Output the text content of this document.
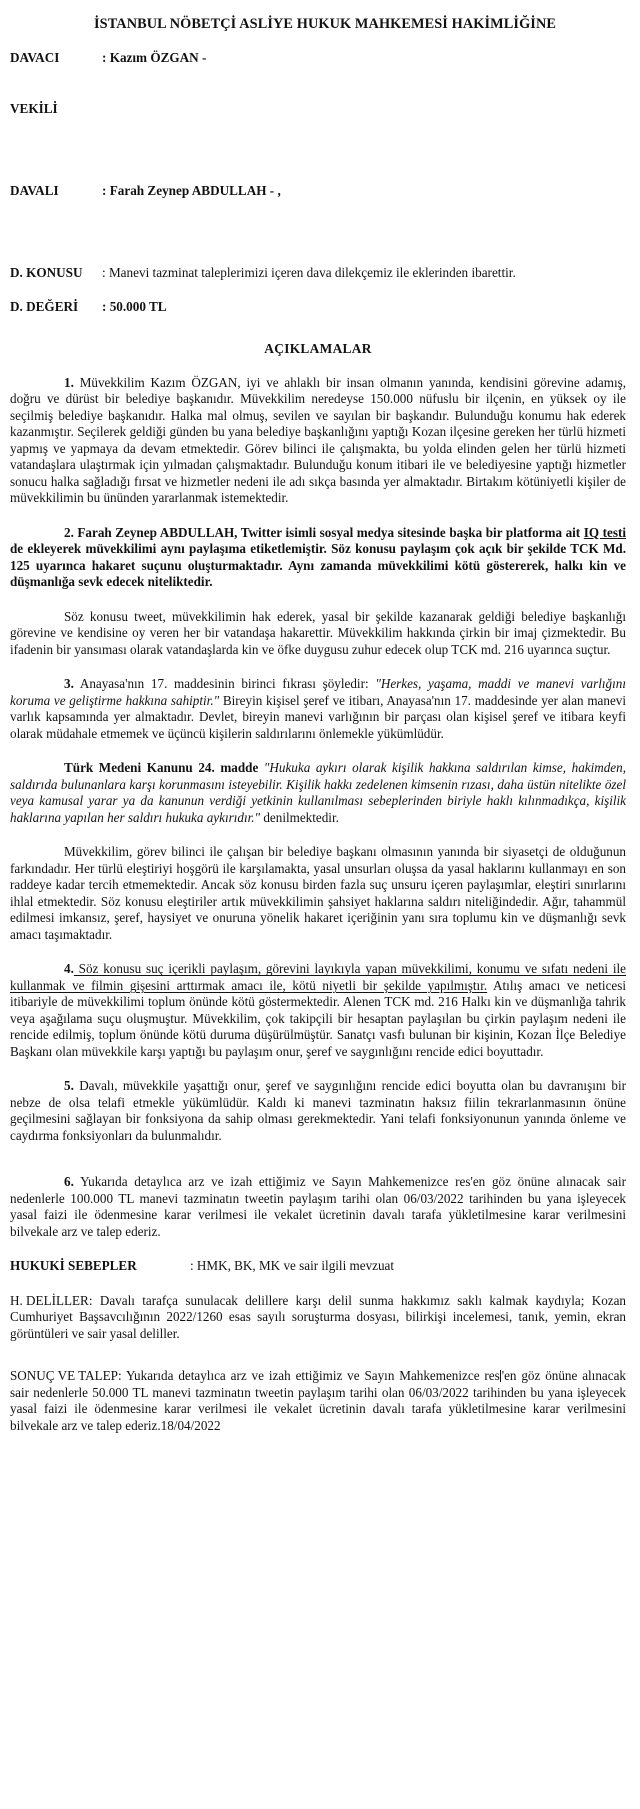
İSTANBUL NÖBETÇİ ASLİYE HUKUK MAHKEMESİ HAKİMLİĞİNE
DAVACI	: Kazım ÖZGAN -
VEKİLİ
DAVALI	: Farah Zeynep ABDULLAH - ,
D. KONUSU	: Manevi tazminat taleplerimizi içeren dava dilekçemiz ile eklerinden ibarettir.
D. DEĞERİ	: 50.000 TL
AÇIKLAMALAR

1. Müvekkilim Kazım ÖZGAN, iyi ve ahlaklı bir insan olmanın yanında, kendisini görevine adamış, doğru ve dürüst bir belediye başkanıdır. Müvekkilim neredeyse 150.000 nüfuslu bir ilçenin, en yüksek oy ile seçilmiş belediye başkanıdır. Halka mal olmuş, sevilen ve sayılan bir başkandır. Bulunduğu konumu hak ederek kazanmıştır. Seçilerek geldiği günden bu yana belediye başkanlığını yaptığı Kozan ilçesine gereken her türlü hizmeti yapmış ve yapmaya da devam etmektedir. Görev bilinci ile çalışmakta, bu yolda elinden gelen her türlü hizmeti vatandaşlara ulaştırmak için yılmadan çalışmaktadır. Bulunduğu konum itibari ile ve belediyesine yaptığı hizmetler sonucu halka sağladığı fırsat ve hizmetler nedeni ile adı sıkça basında yer almaktadır. Birtakım kötüniyetli kişiler de müvekkilimin bu ününden yararlanmak istemektedir.

2. Farah Zeynep ABDULLAH, Twitter isimli sosyal medya sitesinde başka bir platforma ait IQ testi de ekleyerek müvekkilimi aynı paylaşıma etiketlemiştir. Söz konusu paylaşım çok açık bir şekilde TCK Md. 125 uyarınca hakaret suçunu oluşturmaktadır. Aynı zamanda müvekkilimi kötü göstererek, halkı kin ve düşmanlığa sevk edecek niteliktedir.

Söz konusu tweet, müvekkilimin hak ederek, yasal bir şekilde kazanarak geldiği belediye başkanlığı görevine ve kendisine oy veren her bir vatandaşa hakarettir. Müvekkilim hakkında çirkin bir imaj çizmektedir. Bu ifadenin bir yansıması olarak vatandaşlarda kin ve öfke duygusu zuhur edecek olup TCK md. 216 uyarınca suçtur.

3. Anayasa'nın 17. maddesinin birinci fıkrası şöyledir: "Herkes, yaşama, maddi ve manevi varlığını koruma ve geliştirme hakkına sahiptir." Bireyin kişisel şeref ve itibarı, Anayasa'nın 17. maddesinde yer alan manevi varlık kapsamında yer almaktadır. Devlet, bireyin manevi varlığının bir parçası olan kişisel şeref ve itibara keyfi olarak müdahale etmemek ve üçüncü kişilerin saldırılarını önlemekle yükümlüdür.

Türk Medeni Kanunu 24. madde "Hukuka aykırı olarak kişilik hakkına saldırılan kimse, hakimden, saldırıda bulunanlara karşı korunmasını isteyebilir. Kişilik hakkı zedelenen kimsenin rızası, daha üstün nitelikte özel veya kamusal yarar ya da kanunun verdiği yetkinin kullanılması sebeplerinden biriyle haklı kılınmadıkça, kişilik haklarına yapılan her saldırı hukuka aykırıdır." denilmektedir.

Müvekkilim, görev bilinci ile çalışan bir belediye başkanı olmasının yanında bir siyasetçi de olduğunun farkındadır. Her türlü eleştiriyi hoşgörü ile karşılamakta, yasal unsurları oluşsa da yasal haklarını kullanmayı en son raddeye kadar tercih etmemektedir. Ancak söz konusu birden fazla suç unsuru içeren paylaşımlar, eleştiri sınırlarını ihlal etmektedir. Söz konusu eleştiriler artık müvekkilimin şahsiyet haklarına saldırı niteliğindedir. Ağır, tahammül edilmesi imkansız, şeref, haysiyet ve onuruna yönelik hakaret içeriğinin yanı sıra toplumu kin ve düşmanlığı sevk amacı taşımaktadır.

4. Söz konusu suç içerikli paylaşım, görevini layıkıyla yapan müvekkilimi, konumu ve sıfatı nedeni ile kullanmak ve filmin gişesini arttırmak amacı ile, kötü niyetli bir şekilde yapılmıştır. Atılış amacı ve neticesi itibariyle de müvekkilimi toplum önünde kötü göstermektedir. Alenen TCK md. 216 Halkı kin ve düşmanlığa tahrik veya aşağılama suçu oluşmuştur. Müvekkilim, çok takipçili bir hesaptan paylaşılan bu çirkin paylaşım nedeni ile rencide edilmiş, toplum önünde kötü duruma düşürülmüştür. Sanatçı vasfı bulunan bir kişinin, Kozan İlçe Belediye Başkanı olan müvekkile karşı yaptığı bu paylaşım onur, şeref ve saygınlığını rencide edici boyuttadır.

5. Davalı, müvekkile yaşattığı onur, şeref ve saygınlığını rencide edici boyutta olan bu davranışını bir nebze de olsa telafi etmekle yükümlüdür. Kaldı ki manevi tazminatın haksız fiilin tekrarlanmasının önüne geçilmesini sağlayan bir fonksiyona da sahip olması gerekmektedir. Yani telafi fonksiyonunun yanında önleme ve caydırma fonksiyonları da bulunmalıdır.

6. Yukarıda detaylıca arz ve izah ettiğimiz ve Sayın Mahkemenizce res'en göz önüne alınacak sair nedenlerle 100.000 TL manevi tazminatın tweetin paylaşım tarihi olan 06/03/2022 tarihinden bu yana işleyecek yasal faizi ile ödenmesine karar verilmesi ile vekalet ücretinin davalı tarafa yükletilmesine karar verilmesini bilvekale arz ve talep ederiz.

HUKUKİ SEBEPLER	: HMK, BK, MK ve sair ilgili mevzuat

H. DELİLLER: Davalı tarafça sunulacak delillere karşı delil sunma hakkımız saklı kalmak kaydıyla; Kozan Cumhuriyet Başsavcılığının 2022/1260 esas sayılı soruşturma dosyası, bilirkişi incelemesi, tanık, yemin, ekran görüntüleri ve sair yasal deliller.

SONUÇ VE TALEP: Yukarıda detaylıca arz ve izah ettiğimiz ve Sayın Mahkemenizce res 'en göz önüne alınacak sair nedenlerle 50.000 TL manevi tazminatın tweetin paylaşım tarihi olan 06/03/2022 tarihinden bu yana işleyecek yasal faizi ile ödenmesine karar verilmesi ile vekalet ücretinin davalı tarafa yükletilmesine karar verilmesini bilvekale arz ve talep ederiz.18/04/2022
